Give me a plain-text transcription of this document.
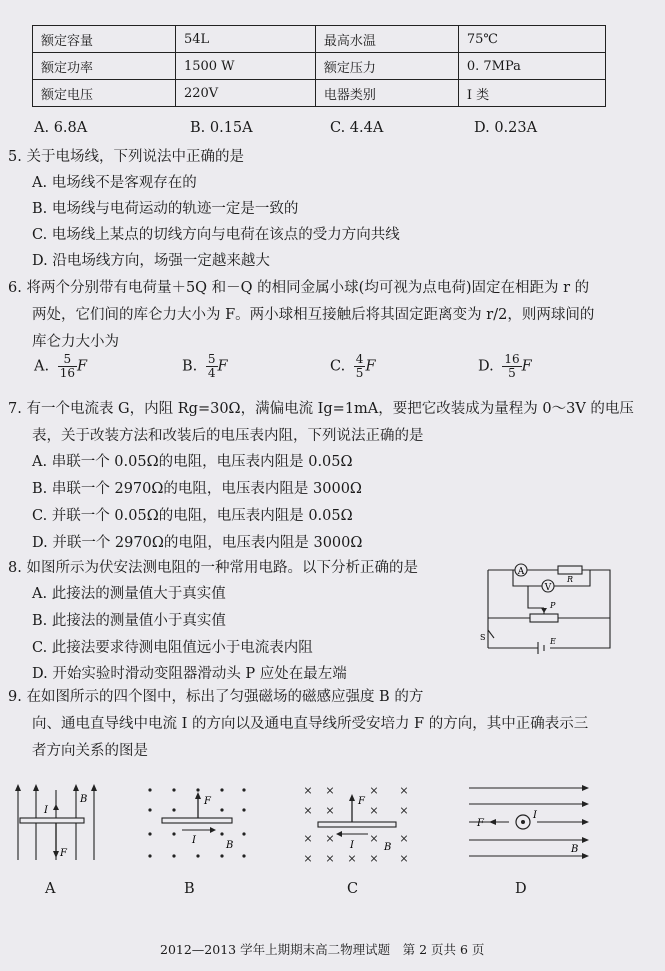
额定容量	54L	最高水温	75℃
额定功率	1500 W	额定压力	0. 7MPa
额定电压	220V	电器类别	I 类
A. 6.8A	B. 0.15A	C. 4.4A	D. 0.23A
5. 关于电场线，下列说法中正确的是
A. 电场线不是客观存在的
B. 电场线与电荷运动的轨迹一定是一致的
C. 电场线上某点的切线方向与电荷在该点的受力方向共线
D. 沿电场线方向，场强一定越来越大
6. 将两个分别带有电荷量＋5Q 和－Q 的相同金属小球(均可视为点电荷)固定在相距为 r 的
两处，它们间的库仑力大小为 F。两小球相互接触后将其固定距离变为 r/2，则两球间的
库仑力大小为
A. $\frac{5}{16}$ F	B. $\frac{5}{4}$ F	C. $\frac{4}{5}$ F	D. $\frac{16}{5}$ F
7. 有一个电流表 G，内阻 Rg=30Ω，满偏电流 Ig=1mA，要把它改装成为量程为 0～3V 的电压
表，关于改装方法和改装后的电压表内阻，下列说法正确的是
A. 串联一个 0.05Ω的电阻，电压表内阻是 0.05Ω
B. 串联一个 2970Ω的电阻，电压表内阻是 3000Ω
C. 并联一个 0.05Ω的电阻，电压表内阻是 0.05Ω
D. 并联一个 2970Ω的电阻，电压表内阻是 3000Ω
8. 如图所示为伏安法测电阻的一种常用电路。以下分析正确的是
A. 此接法的测量值大于真实值
B. 此接法的测量值小于真实值
C. 此接法要求待测电阻值远小于电流表内阻
D. 开始实验时滑动变阻器滑动头 P 应处在最左端
A
V
R
P
S	E
9. 在如图所示的四个图中，标出了匀强磁场的磁感应强度 B 的方
向、通电直导线中电流 I 的方向以及通电直导线所受安培力 F 的方向，其中正确表示三
者方向关系的图是
I
B
F
F
I	B
× ×	× ×
× ×	× ×
× ×	× ×
× × × × ×
F
I	B
F
I
B
A	B	C	D
2012—2013 学年上期期末高二物理试题　第 2 页共 6 页
